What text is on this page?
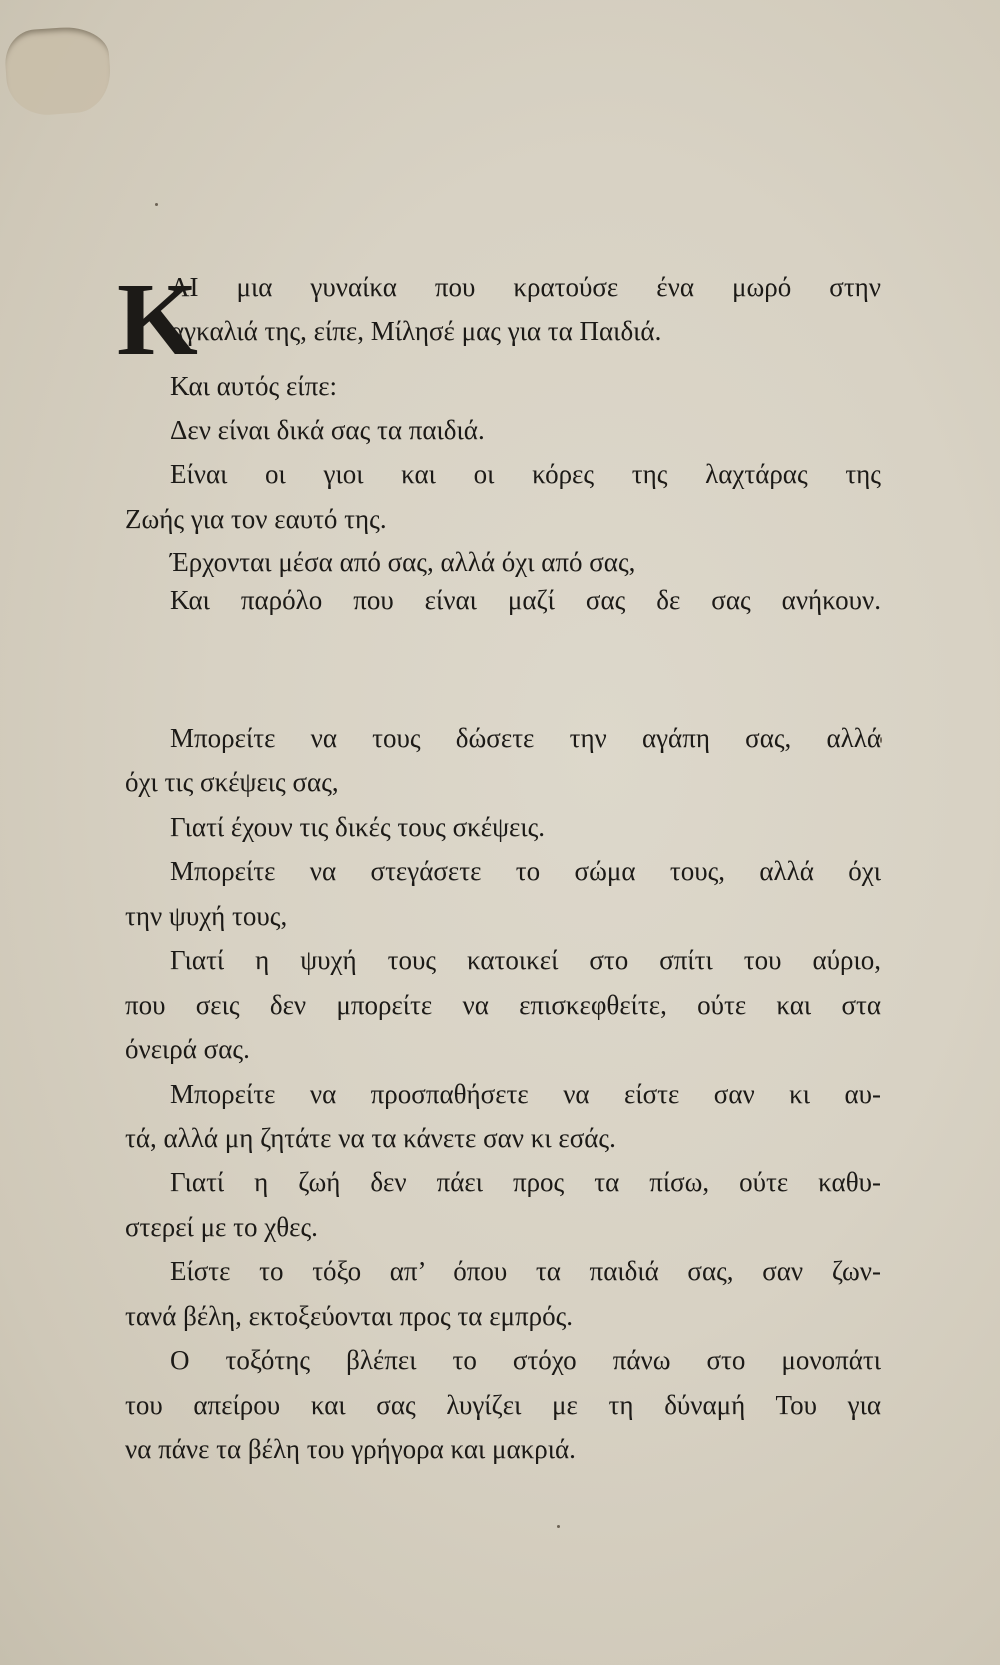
Κ
ΑΙ μια γυναίκα που κρατούσε ένα μωρό στην
αγκαλιά της, είπε, Μίλησέ μας για τα Παιδιά.
Και αυτός είπε:
Δεν είναι δικά σας τα παιδιά.
Είναι οι γιοι και οι κόρες της λαχτάρας της
Ζωής για τον εαυτό της.
Έρχονται μέσα από σας, αλλά όχι από σας,
Και παρόλο που είναι μαζί σας δε σας ανήκουν.
Μπορείτε να τους δώσετε την αγάπη σας, αλλά
όχι τις σκέψεις σας,
Γιατί έχουν τις δικές τους σκέψεις.
Μπορείτε να στεγάσετε το σώμα τους, αλλά όχι
την ψυχή τους,
Γιατί η ψυχή τους κατοικεί στο σπίτι του αύριο,
που σεις δεν μπορείτε να επισκεφθείτε, ούτε και στα
όνειρά σας.
Μπορείτε να προσπαθήσετε να είστε σαν κι αυ-
τά, αλλά μη ζητάτε να τα κάνετε σαν κι εσάς.
Γιατί η ζωή δεν πάει προς τα πίσω, ούτε καθυ-
στερεί με το χθες.
Είστε το τόξο απ’ όπου τα παιδιά σας, σαν ζων-
τανά βέλη, εκτοξεύονται προς τα εμπρός.
Ο τοξότης βλέπει το στόχο πάνω στο μονοπάτι
του απείρου και σας λυγίζει με τη δύναμή Του για
να πάνε τα βέλη του γρήγορα και μακριά.
